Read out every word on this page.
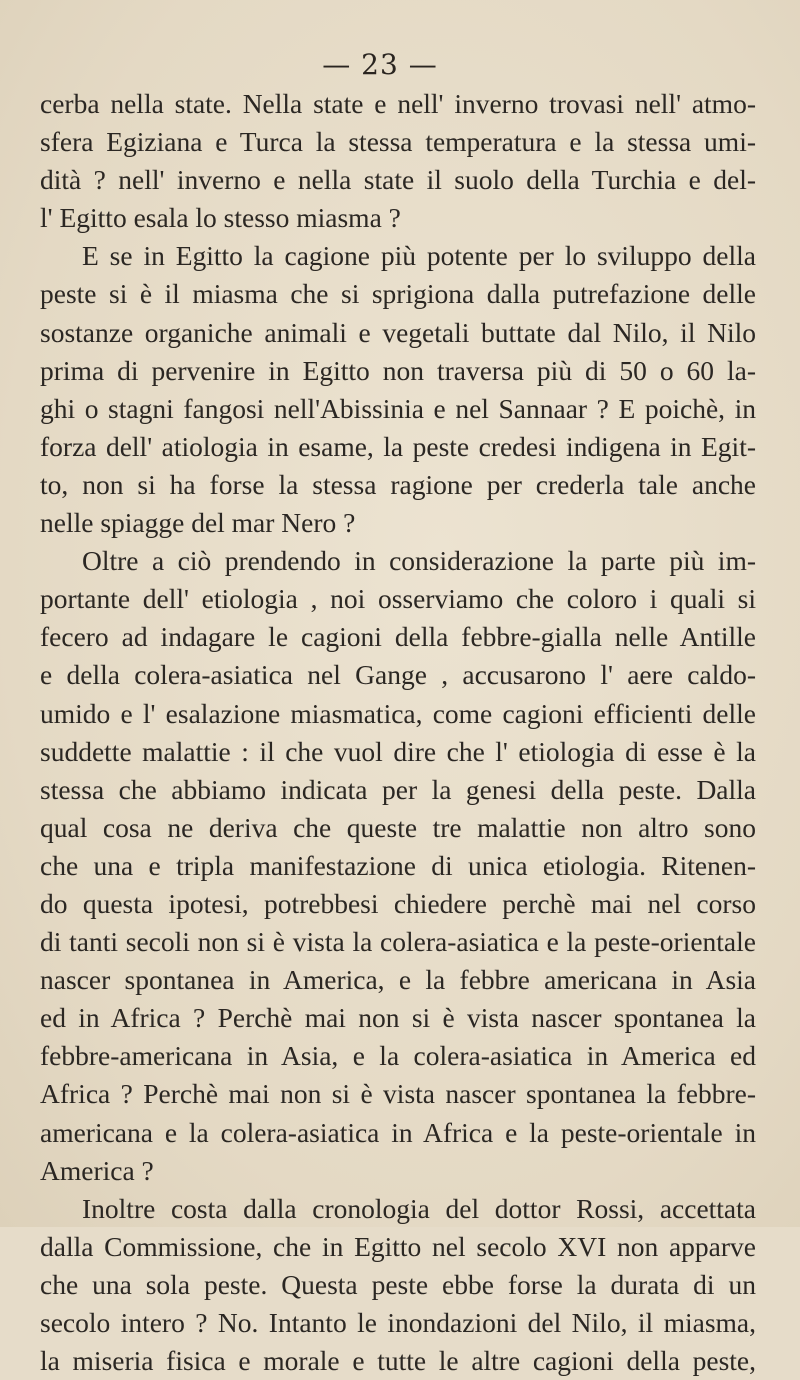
— 23 —
cerba nella state. Nella state e nell' inverno trovasi nell' atmo-
sfera Egiziana e Turca la stessa temperatura e la stessa umi-
dità ? nell' inverno e nella state il suolo della Turchia e del-
l' Egitto esala lo stesso miasma ?
E se in Egitto la cagione più potente per lo sviluppo della
peste si è il miasma che si sprigiona dalla putrefazione delle
sostanze organiche animali e vegetali buttate dal Nilo, il Nilo
prima di pervenire in Egitto non traversa più di 50 o 60 la-
ghi o stagni fangosi nell'Abissinia e nel Sannaar ? E poichè, in
forza dell' atiologia in esame, la peste credesi indigena in Egit-
to, non si ha forse la stessa ragione per crederla tale anche
nelle spiagge del mar Nero ?
Oltre a ciò prendendo in considerazione la parte più im-
portante dell' etiologia , noi osserviamo che coloro i quali si
fecero ad indagare le cagioni della febbre-gialla nelle Antille
e della colera-asiatica nel Gange , accusarono l' aere caldo-
umido e l' esalazione miasmatica, come cagioni efficienti delle
suddette malattie : il che vuol dire che l' etiologia di esse è la
stessa che abbiamo indicata per la genesi della peste. Dalla
qual cosa ne deriva che queste tre malattie non altro sono
che una e tripla manifestazione di unica etiologia. Ritenen-
do questa ipotesi, potrebbesi chiedere perchè mai nel corso
di tanti secoli non si è vista la colera-asiatica e la peste-orientale
nascer spontanea in America, e la febbre americana in Asia
ed in Africa ? Perchè mai non si è vista nascer spontanea la
febbre-americana in Asia, e la colera-asiatica in America ed
Africa ? Perchè mai non si è vista nascer spontanea la febbre-
americana e la colera-asiatica in Africa e la peste-orientale in
America ?
Inoltre costa dalla cronologia del dottor Rossi, accettata
dalla Commissione, che in Egitto nel secolo XVI non apparve
che una sola peste. Questa peste ebbe forse la durata di un
secolo intero ? No. Intanto le inondazioni del Nilo, il miasma,
la miseria fisica e morale e tutte le altre cagioni della peste,
